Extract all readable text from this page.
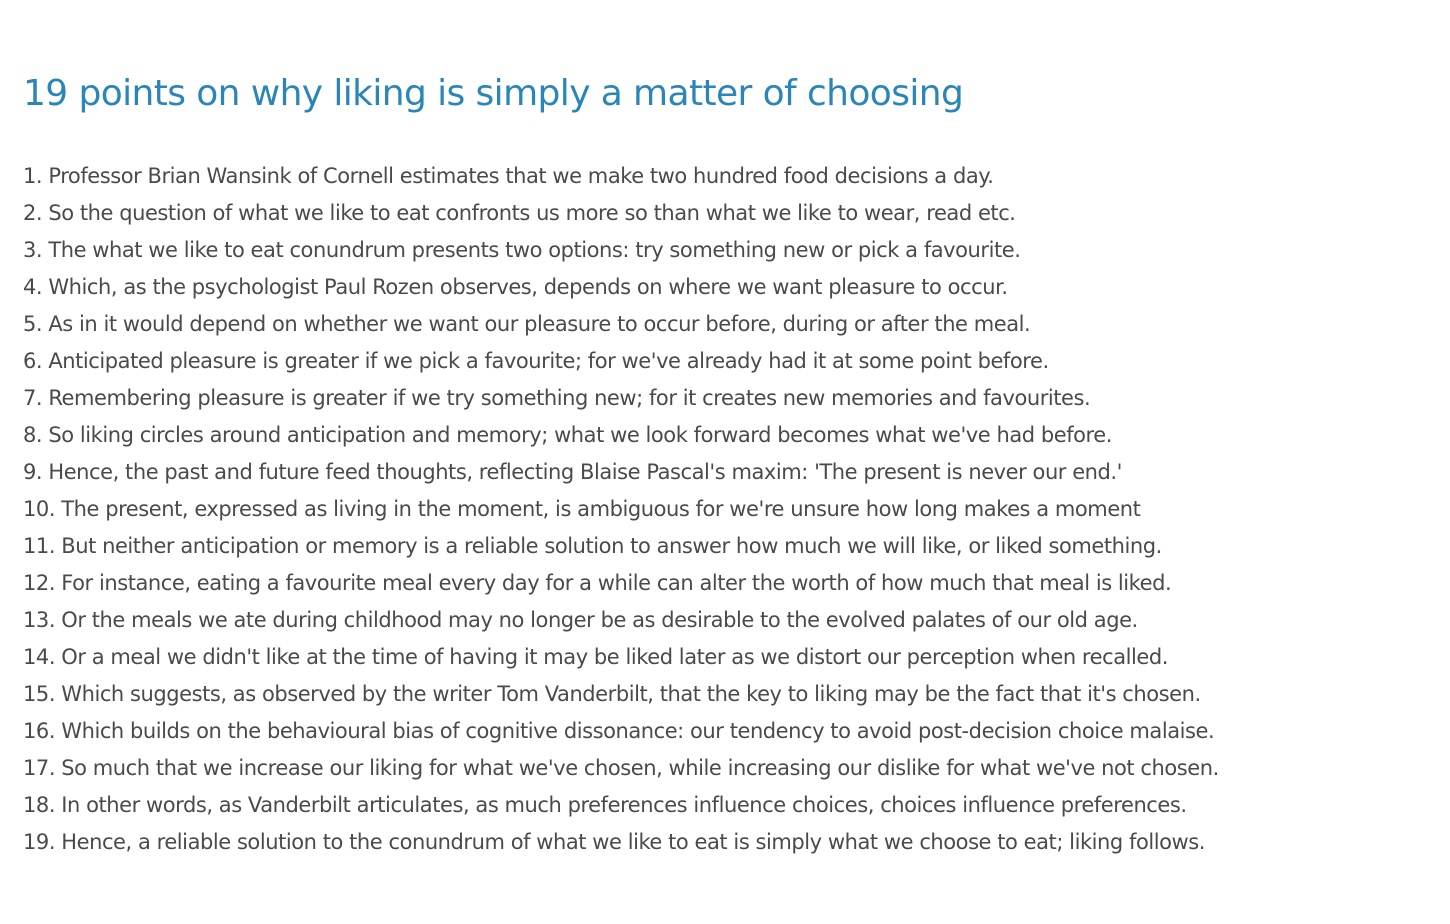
19 points on why liking is simply a matter of choosing
1. Professor Brian Wansink of Cornell estimates that we make two hundred food decisions a day.
2. So the question of what we like to eat confronts us more so than what we like to wear, read etc.
3. The what we like to eat conundrum presents two options: try something new or pick a favourite.
4. Which, as the psychologist Paul Rozen observes, depends on where we want pleasure to occur.
5. As in it would depend on whether we want our pleasure to occur before, during or after the meal.
6. Anticipated pleasure is greater if we pick a favourite; for we've already had it at some point before.
7. Remembering pleasure is greater if we try something new; for it creates new memories and favourites.
8. So liking circles around anticipation and memory; what we look forward becomes what we've had before.
9. Hence, the past and future feed thoughts, reflecting Blaise Pascal's maxim: 'The present is never our end.'
10. The present, expressed as living in the moment, is ambiguous for we're unsure how long makes a moment
11. But neither anticipation or memory is a reliable solution to answer how much we will like, or liked something.
12. For instance, eating a favourite meal every day for a while can alter the worth of how much that meal is liked.
13. Or the meals we ate during childhood may no longer be as desirable to the evolved palates of our old age.
14. Or a meal we didn't like at the time of having it may be liked later as we distort our perception when recalled.
15. Which suggests, as observed by the writer Tom Vanderbilt, that the key to liking may be the fact that it's chosen.
16. Which builds on the behavioural bias of cognitive dissonance: our tendency to avoid post-decision choice malaise.
17. So much that we increase our liking for what we've chosen, while increasing our dislike for what we've not chosen.
18. In other words, as Vanderbilt articulates, as much preferences influence choices, choices influence preferences.
19. Hence, a reliable solution to the conundrum of what we like to eat is simply what we choose to eat; liking follows.
